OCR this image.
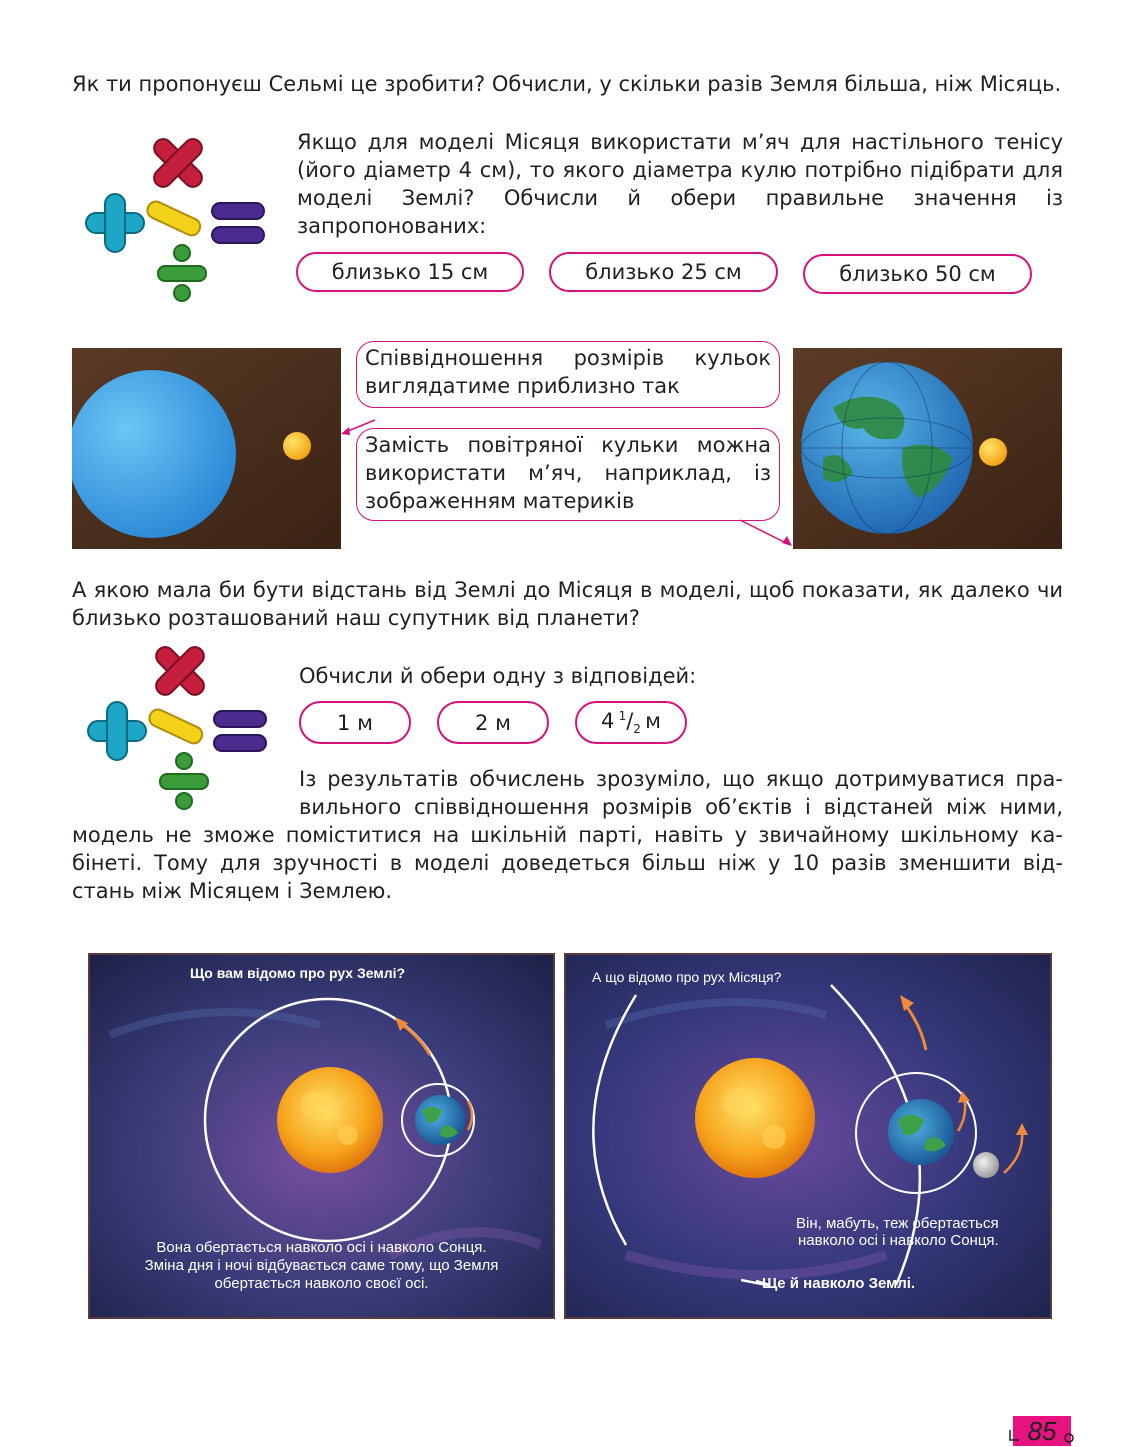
Як ти пропонуєш Сельмі це зробити? Обчисли, у скільки разів Земля більша, ніж Місяць.
Якщо для моделі Місяця використати м’яч для настільного тенісу (його діаметр 4 см), то якого діаметра кулю потрібно підібрати для моделі Землі? Обчисли й обери правильне значення із запропонованих:
близько 15 см	близько 25 см	близько 50 см
Співвідношення розмірів кульок виглядатиме приблизно так
Замість повітряної кульки можна використати м’яч, наприклад, із зображенням материків
А якою мала би бути відстань від Землі до Місяця в моделі, щоб показати, як далеко чи близько розташований наш супутник від планети?
Обчисли й обери одну з відповідей:
1 м	2 м	4  $^1/_2$  м
Із результатів обчислень зрозуміло, що якщо дотримуватися пра-
вильного співвідношення розмірів об’єктів і відстаней між ними,
модель не зможе поміститися на шкільній парті, навіть у звичайному шкільному ка-
бінеті. Тому для зручності в моделі доведеться більш ніж у 10 разів зменшити від-
стань між Місяцем і Землею.
Що вам відомо про рух Землі?
Вона обертається навколо осі і навколо Сонця.
Зміна дня і ночі відбувається саме тому, що Земля
обертається навколо своєї осі.
А що відомо про рух Місяця?
Він, мабуть, теж обертається
навколо осі і навколо Сонця.
Ще й навколо Землі.
85
